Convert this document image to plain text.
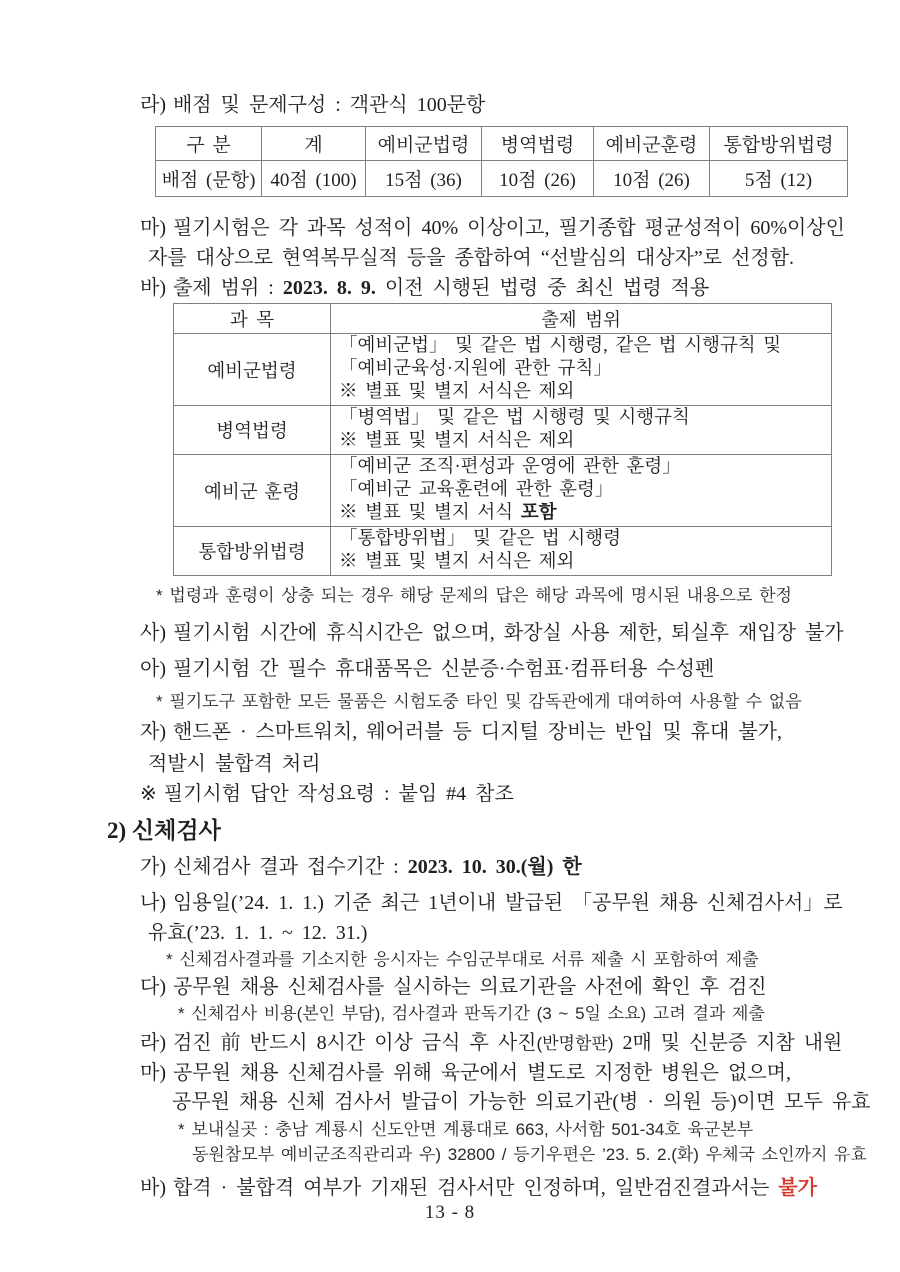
라) 배점 및 문제구성 : 객관식 100문항
구 분	계	예비군법령	병역법령	예비군훈령	통합방위법령
배점 (문항)	40점 (100)	15점 (36)	10점 (26)	10점 (26)	5점 (12)
마) 필기시험은 각 과목 성적이 40% 이상이고, 필기종합 평균성적이 60%이상인
자를 대상으로 현역복무실적 등을 종합하여 “선발심의 대상자”로 선정함.
바) 출제 범위 : 2023. 8. 9. 이전 시행된 법령 중 최신 법령 적용
과 목	출제 범위
예비군법령	「예비군법」 및 같은 법 시행령, 같은 법 시행규칙 및
「예비군육성·지원에 관한 규칙」
※ 별표 및 별지 서식은 제외

병역법령	「병역법」 및 같은 법 시행령 및 시행규칙
※ 별표 및 별지 서식은 제외

예비군 훈령	「예비군 조직·편성과 운영에 관한 훈령」
「예비군 교육훈련에 관한 훈령」
※ 별표 및 별지 서식 포함

통합방위법령	「통합방위법」 및 같은 법 시행령
※ 별표 및 별지 서식은 제외
* 법령과 훈령이 상충 되는 경우 해당 문제의 답은 해당 과목에 명시된 내용으로 한정
사) 필기시험 시간에 휴식시간은 없으며, 화장실 사용 제한, 퇴실후 재입장 불가
아) 필기시험 간 필수 휴대품목은 신분증·수험표·컴퓨터용 수성펜
* 필기도구 포함한 모든 물품은 시험도중 타인 및 감독관에게 대여하여 사용할 수 없음
자) 핸드폰 · 스마트워치, 웨어러블 등 디지털 장비는 반입 및 휴대 불가,
적발시 불합격 처리
※ 필기시험 답안 작성요령 : 붙임 #4 참조
2) 신체검사
가) 신체검사 결과 접수기간 : 2023. 10. 30.(월) 한
나) 임용일(’24. 1. 1.) 기준 최근 1년이내 발급된 「공무원 채용 신체검사서」로
유효(’23. 1. 1. ~ 12. 31.)
* 신체검사결과를 기소지한 응시자는 수임군부대로 서류 제출 시 포함하여 제출
다) 공무원 채용 신체검사를 실시하는 의료기관을 사전에 확인 후 검진
* 신체검사 비용(본인 부담), 검사결과 판독기간 (3 ~ 5일 소요) 고려 결과 제출
라) 검진 前 반드시 8시간 이상 금식 후 사진(반명함판) 2매 및 신분증 지참 내원
마) 공무원 채용 신체검사를 위해 육군에서 별도로 지정한 병원은 없으며,
공무원 채용 신체 검사서 발급이 가능한 의료기관(병 · 의원 등)이면 모두 유효
* 보내실곳 : 충남 계룡시 신도안면 계룡대로 663, 사서함 501-34호 육군본부
동원참모부 예비군조직관리과 우) 32800 / 등기우편은 ’23. 5. 2.(화) 우체국 소인까지 유효
바) 합격 · 불합격 여부가 기재된 검사서만 인정하며, 일반검진결과서는 불가
13 - 8
